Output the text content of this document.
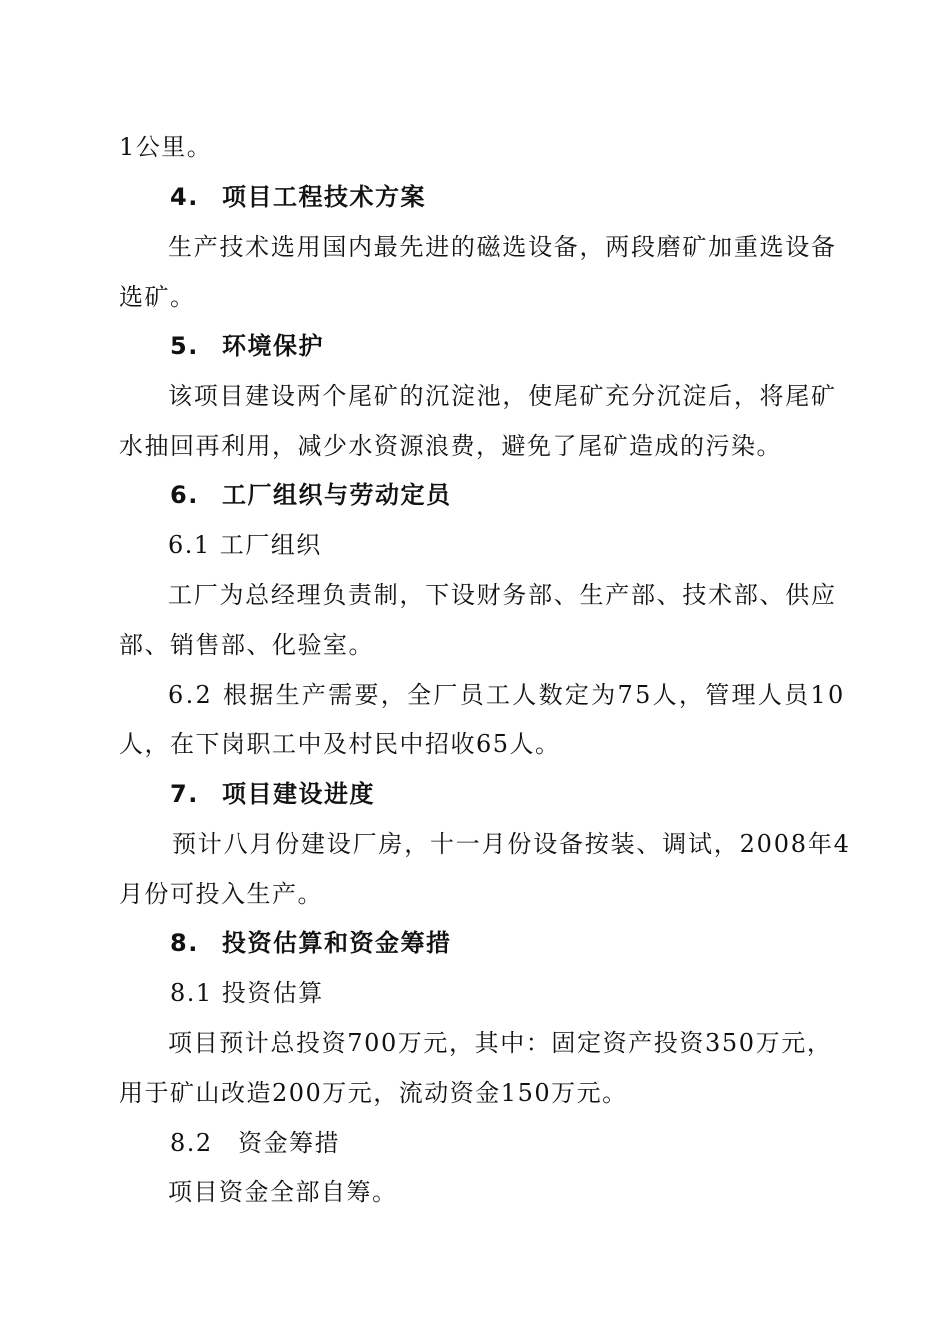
1公里。
4. 项目工程技术方案
生 产 技 术 选 用 国 内 最 先 进 的 磁 选 设 备 ， 两 段 磨 矿 加 重 选 设 备
选矿。
5. 环境保护
该 项 目 建 设 两 个 尾 矿 的 沉 淀 池 ， 使 尾 矿 充 分 沉 淀 后 ， 将 尾 矿
水抽回再利用，减少水资源浪费，避免了尾矿造成的污染。
6. 工厂组织与劳动定员
6.1 工厂组织
工 厂 为 总 经 理 负 责 制 ， 下 设 财 务 部 、 生 产 部 、 技 术 部 、 供 应
部、销售部、化验室。
6.2 根据生产需要，全厂员工人数定为75人，管理人员10
人，在下岗职工中及村民中招收65人。
7. 项目建设进度
预计八月份建设厂房，十一月份设备按装、调试，2008年4
月份可投入生产。
8. 投资估算和资金筹措
8.1 投资估算
项目预计总投资700万元，其中：固定资产投资350万元，
用于矿山改造200万元，流动资金150万元。
8.2　资金筹措
项目资金全部自筹。
